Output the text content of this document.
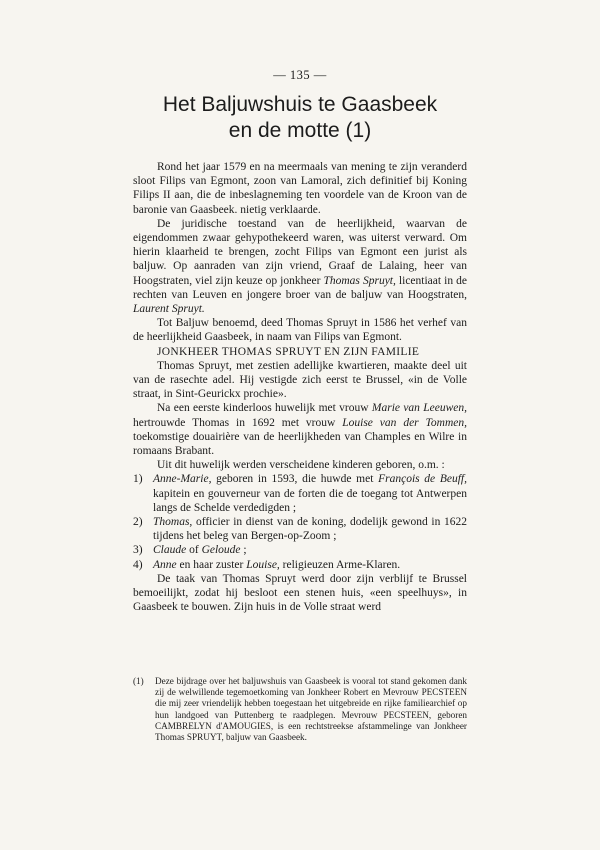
— 135 —
Het Baljuwshuis te Gaasbeek
en de motte (1)

Rond het jaar 1579 en na meermaals van mening te zijn veranderd sloot Filips van Egmont, zoon van Lamoral, zich definitief bij Koning Filips II aan, die de inbeslagneming ten voordele van de Kroon van de baronie van Gaasbeek. nietig verklaarde.

De juridische toestand van de heerlijkheid, waarvan de eigendommen zwaar gehypothekeerd waren, was uiterst verward. Om hierin klaarheid te brengen, zocht Filips van Egmont een jurist als baljuw. Op aanraden van zijn vriend, Graaf de Lalaing, heer van Hoogstraten, viel zijn keuze op jonkheer Thomas Spruyt, licentiaat in de rechten van Leuven en jongere broer van de baljuw van Hoogstraten, Laurent Spruyt.

Tot Baljuw benoemd, deed Thomas Spruyt in 1586 het verhef van de heerlijkheid Gaasbeek, in naam van Filips van Egmont.

JONKHEER THOMAS SPRUYT EN ZIJN FAMILIE

Thomas Spruyt, met zestien adellijke kwartieren, maakte deel uit van de rasechte adel. Hij vestigde zich eerst te Brussel, «in de Volle straat, in Sint-Geurickx prochie».

Na een eerste kinderloos huwelijk met vrouw Marie van Leeuwen, hertrouwde Thomas in 1692 met vrouw Louise van der Tommen, toekomstige douairière van de heerlijkheden van Champles en Wilre in romaans Brabant.

Uit dit huwelijk werden verscheidene kinderen geboren, o.m. :

1) Anne-Marie, geboren in 1593, die huwde met François de Beuff, kapitein en gouverneur van de forten die de toegang tot Antwerpen langs de Schelde verdedigden ;
2) Thomas, officier in dienst van de koning, dodelijk gewond in 1622 tijdens het beleg van Bergen-op-Zoom ;
3) Claude of Geloude ;
4) Anne en haar zuster Louise, religieuzen Arme-Klaren.

De taak van Thomas Spruyt werd door zijn verblijf te Brussel bemoeilijkt, zodat hij besloot een stenen huis, «een speelhuys», in Gaasbeek te bouwen. Zijn huis in de Volle straat werd

(1)	Deze bijdrage over het baljuwshuis van Gaasbeek is vooral tot stand gekomen dank zij de welwillende tegemoetkoming van Jonkheer Robert en Mevrouw PECSTEEN die mij zeer vriendelijk hebben toegestaan het uitgebreide en rijke familiearchief op hun landgoed van Puttenberg te raadplegen. Mevrouw PECSTEEN, geboren CAMBRELYN d'AMOUGIES, is een rechtstreekse afstammelinge van Jonkheer Thomas SPRUYT, baljuw van Gaasbeek.
